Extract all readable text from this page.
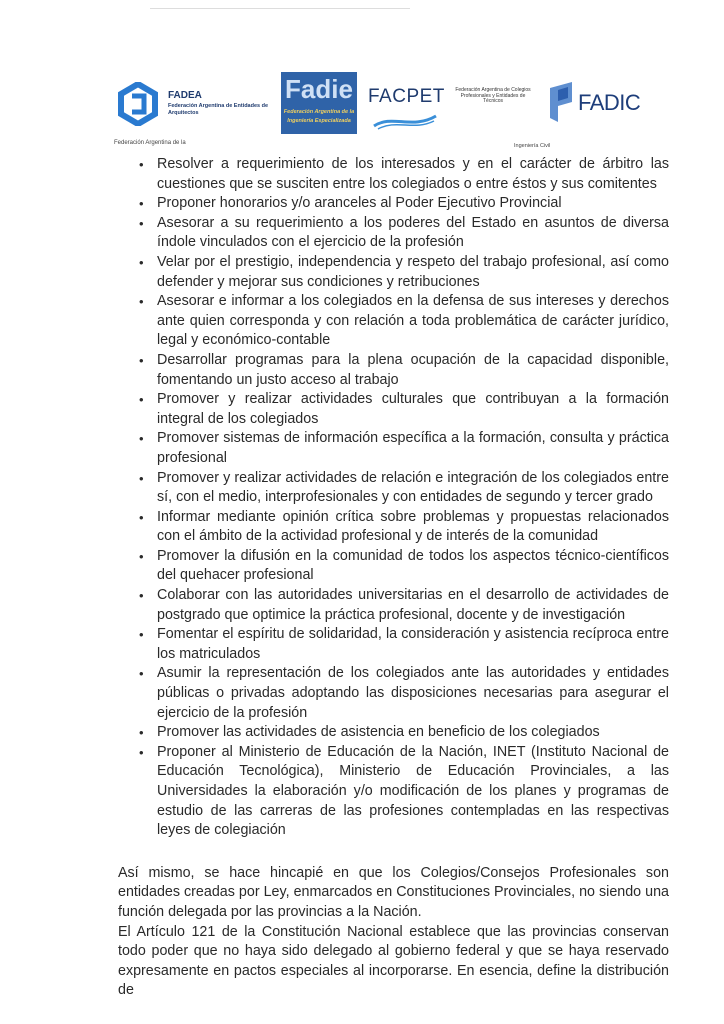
FADEA
Federación Argentina de Entidades de Arquitectos
Federación Argentina de la
Fadie
Federación Argentina de la Ingeniería Especializada
FACPET	Federación Argentina de Colegios Profesionales y Entidades de Técnicos	FADIC
Ingeniería Civil
• Resolver a requerimiento de los interesados y en el carácter de árbitro las cuestiones que se susciten entre los colegiados o entre éstos y sus comitentes
• Proponer honorarios y/o aranceles al Poder Ejecutivo Provincial
• Asesorar a su requerimiento a los poderes del Estado en asuntos de diversa índole vinculados con el ejercicio de la profesión
• Velar por el prestigio, independencia y respeto del trabajo profesional, así como defender y mejorar sus condiciones y retribuciones
• Asesorar e informar a los colegiados en la defensa de sus intereses y derechos ante quien corresponda y con relación a toda problemática de carácter jurídico, legal y económico-contable
• Desarrollar programas para la plena ocupación de la capacidad disponible, fomentando un justo acceso al trabajo
• Promover y realizar actividades culturales que contribuyan a la formación integral de los colegiados
• Promover sistemas de información específica a la formación, consulta y práctica profesional
• Promover y realizar actividades de relación e integración de los colegiados entre sí, con el medio, interprofesionales y con entidades de segundo y tercer grado
• Informar mediante opinión crítica sobre problemas y propuestas relacionados con el ámbito de la actividad profesional y de interés de la comunidad
• Promover la difusión en la comunidad de todos los aspectos técnico-científicos del quehacer profesional
• Colaborar con las autoridades universitarias en el desarrollo de actividades de postgrado que optimice la práctica profesional, docente y de investigación
• Fomentar el espíritu de solidaridad, la consideración y asistencia recíproca entre los matriculados
• Asumir la representación de los colegiados ante las autoridades y entidades públicas o privadas adoptando las disposiciones necesarias para asegurar el ejercicio de la profesión
• Promover las actividades de asistencia en beneficio de los colegiados
• Proponer al Ministerio de Educación de la Nación, INET (Instituto Nacional de Educación Tecnológica), Ministerio de Educación Provinciales, a las Universidades la elaboración y/o modificación de los planes y programas de estudio de las carreras de las profesiones contempladas en las respectivas leyes de colegiación

Así mismo, se hace hincapié en que los Colegios/Consejos Profesionales son entidades creadas por Ley, enmarcados en Constituciones Provinciales, no siendo una función delegada por las provincias a la Nación.

El Artículo 121 de la Constitución Nacional establece que las provincias conservan todo poder que no haya sido delegado al gobierno federal y que se haya reservado expresamente en pactos especiales al incorporarse. En esencia, define la distribución de
